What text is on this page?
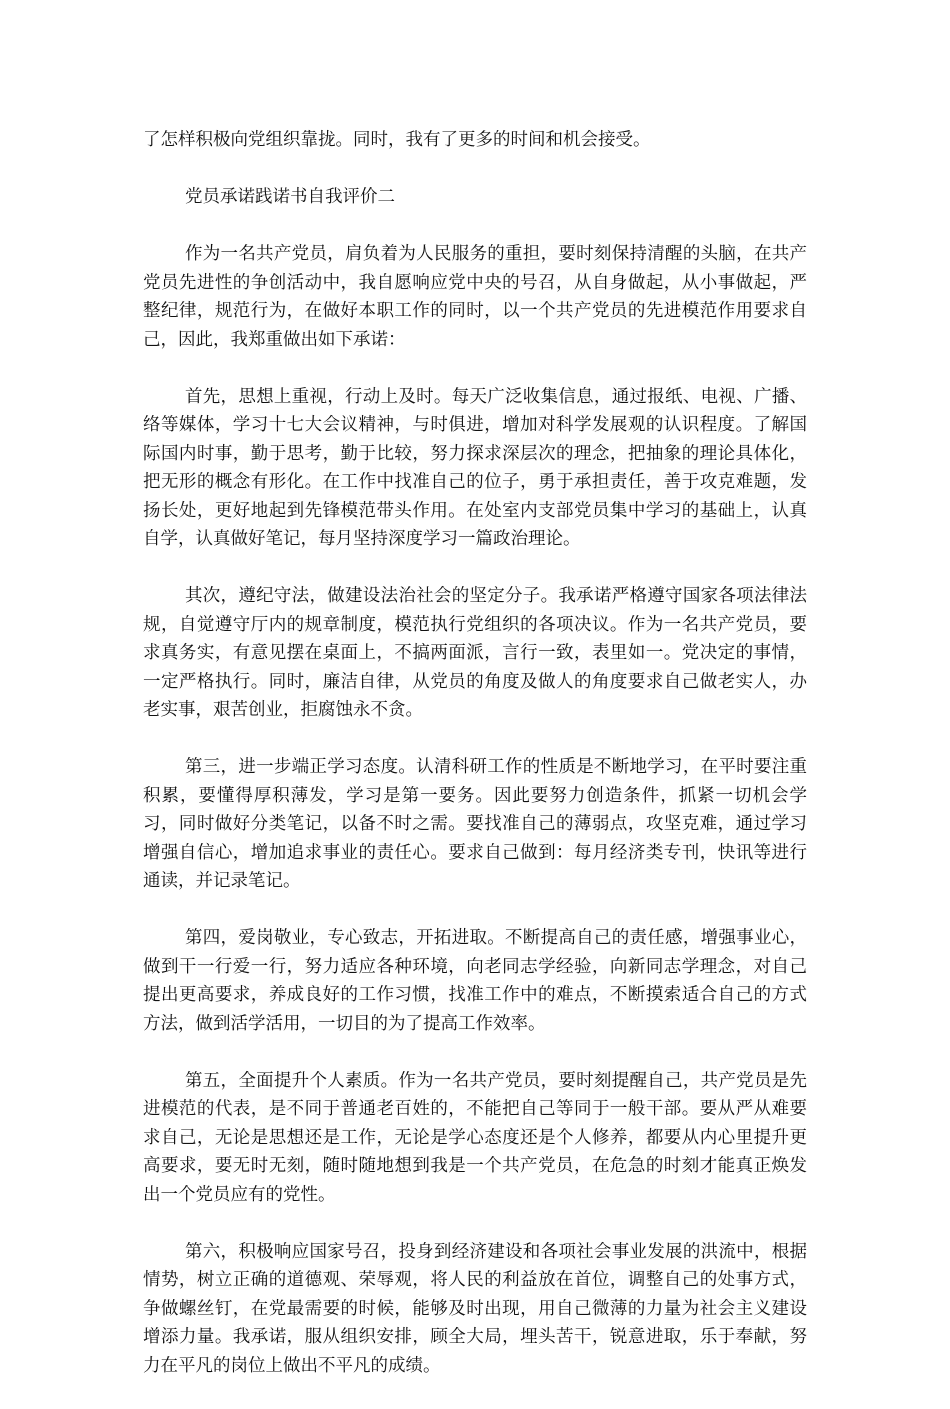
了怎样积极向党组织靠拢。同时，我有了更多的时间和机会接受。

党员承诺践诺书自我评价二

作为一名共产党员，肩负着为人民服务的重担，要时刻保持清醒的头脑，在共产党员先进性的争创活动中，我自愿响应党中央的号召，从自身做起，从小事做起，严整纪律，规范行为，在做好本职工作的同时，以一个共产党员的先进模范作用要求自己，因此，我郑重做出如下承诺：

首先，思想上重视，行动上及时。每天广泛收集信息，通过报纸、电视、广播、络等媒体，学习十七大会议精神，与时俱进，增加对科学发展观的认识程度。了解国际国内时事，勤于思考，勤于比较，努力探求深层次的理念，把抽象的理论具体化，把无形的概念有形化。在工作中找准自己的位子，勇于承担责任，善于攻克难题，发扬长处，更好地起到先锋模范带头作用。在处室内支部党员集中学习的基础上，认真自学，认真做好笔记，每月坚持深度学习一篇政治理论。

其次，遵纪守法，做建设法治社会的坚定分子。我承诺严格遵守国家各项法律法规，自觉遵守厅内的规章制度，模范执行党组织的各项决议。作为一名共产党员，要求真务实，有意见摆在桌面上，不搞两面派，言行一致，表里如一。党决定的事情，一定严格执行。同时，廉洁自律，从党员的角度及做人的角度要求自己做老实人，办老实事，艰苦创业，拒腐蚀永不贪。

第三，进一步端正学习态度。认清科研工作的性质是不断地学习，在平时要注重积累，要懂得厚积薄发，学习是第一要务。因此要努力创造条件，抓紧一切机会学习，同时做好分类笔记，以备不时之需。要找准自己的薄弱点，攻坚克难，通过学习增强自信心，增加追求事业的责任心。要求自己做到：每月经济类专刊，快讯等进行通读，并记录笔记。

第四，爱岗敬业，专心致志，开拓进取。不断提高自己的责任感，增强事业心，做到干一行爱一行，努力适应各种环境，向老同志学经验，向新同志学理念，对自己提出更高要求，养成良好的工作习惯，找准工作中的难点，不断摸索适合自己的方式方法，做到活学活用，一切目的为了提高工作效率。

第五，全面提升个人素质。作为一名共产党员，要时刻提醒自己，共产党员是先进模范的代表，是不同于普通老百姓的，不能把自己等同于一般干部。要从严从难要求自己，无论是思想还是工作，无论是学心态度还是个人修养，都要从内心里提升更高要求，要无时无刻，随时随地想到我是一个共产党员，在危急的时刻才能真正焕发出一个党员应有的党性。

第六，积极响应国家号召，投身到经济建设和各项社会事业发展的洪流中，根据情势，树立正确的道德观、荣辱观，将人民的利益放在首位，调整自己的处事方式，争做螺丝钉，在党最需要的时候，能够及时出现，用自己微薄的力量为社会主义建设增添力量。我承诺，服从组织安排，顾全大局，埋头苦干，锐意进取，乐于奉献，努力在平凡的岗位上做出不平凡的成绩。
